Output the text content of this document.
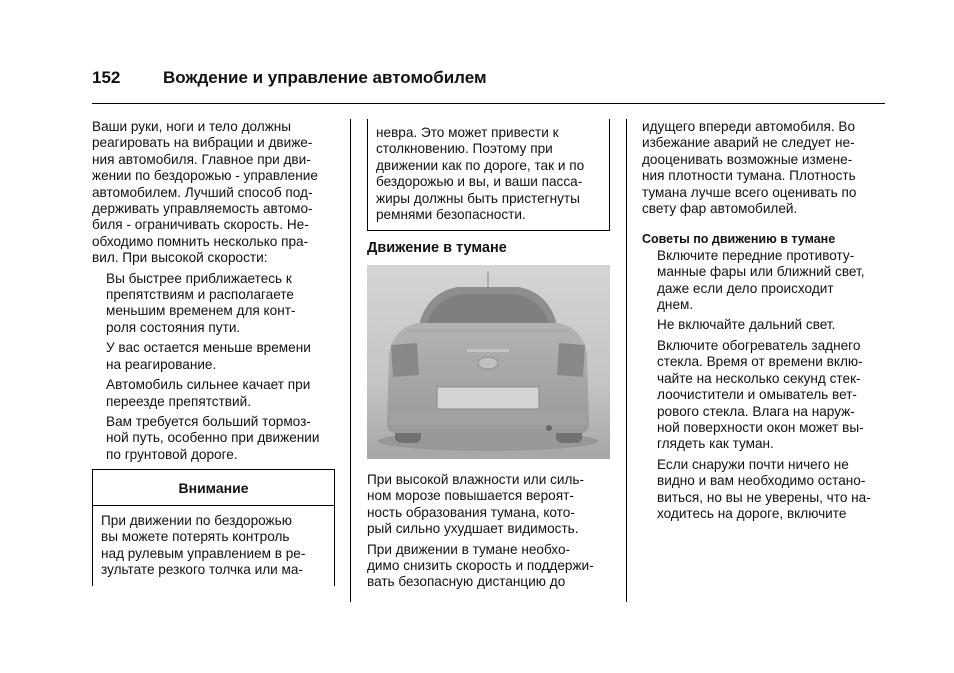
152	Вождение и управление автомобилем

Ваши руки, ноги и тело должны
реагировать на вибрации и движе-
ния автомобиля. Главное при дви-
жении по бездорожью - управление
автомобилем. Лучший способ под-
держивать управляемость автомо-
биля - ограничивать скорость. Не-
обходимо помнить несколько пра-
вил. При высокой скорости:

Вы быстрее приближаетесь к
препятствиям и располагаете
меньшим временем для конт-
роля состояния пути.

У вас остается меньше времени
на реагирование.

Автомобиль сильнее качает при
переезде препятствий.

Вам требуется больший тормоз-
ной путь, особенно при движении
по грунтовой дороге.

Внимание
При движении по бездорожью
вы можете потерять контроль
над рулевым управлением в ре-
зультате резкого толчка или ма-
невра. Это может привести к
столкновению. Поэтому при
движении как по дороге, так и по
бездорожью и вы, и ваши пасса-
жиры должны быть пристегнуты
ремнями безопасности.
Движение в тумане

При высокой влажности или силь-
ном морозе повышается вероят-
ность образования тумана, кото-
рый сильно ухудшает видимость.

При движении в тумане необхо-
димо снизить скорость и поддержи-
вать безопасную дистанцию до

идущего впереди автомобиля. Во
избежание аварий не следует не-
дооценивать возможные измене-
ния плотности тумана. Плотность
тумана лучше всего оценивать по
свету фар автомобилей.

Советы по движению в тумане

Включите передние противоту-
манные фары или ближний свет,
даже если дело происходит
днем.

Не включайте дальний свет.

Включите обогреватель заднего
стекла. Время от времени вклю-
чайте на несколько секунд стек-
лоочистители и омыватель вет-
рового стекла. Влага на наруж-
ной поверхности окон может вы-
глядеть как туман.

Если снаружи почти ничего не
видно и вам необходимо остано-
виться, но вы не уверены, что на-
ходитесь на дороге, включите
